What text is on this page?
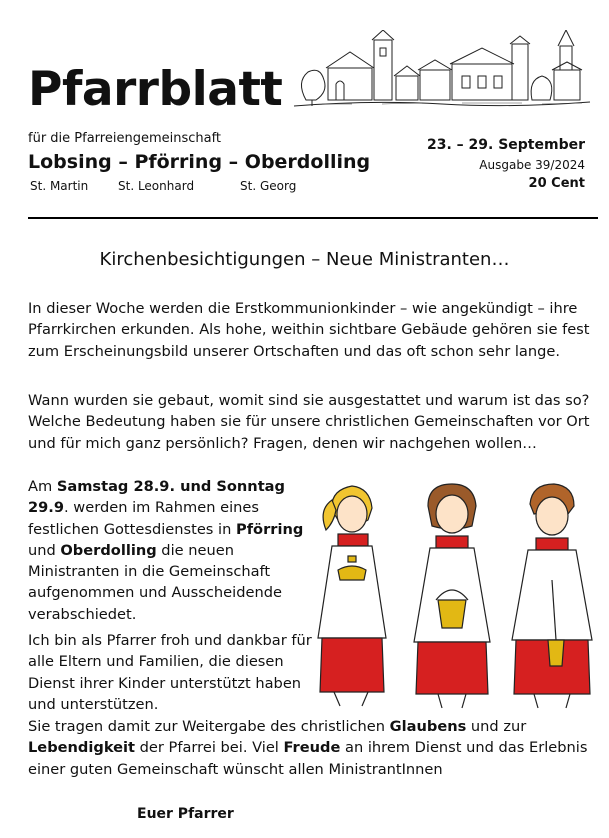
Pfarrblatt
für die Pfarreiengemeinschaft
Lobsing – Pförring – Oberdolling
St. Martin St. Leonhard	St. Georg
23. – 29. September
Ausgabe 39/2024
20 Cent
Kirchenbesichtigungen – Neue Ministranten…
In dieser Woche werden die Erstkommunionkinder – wie angekündigt – ihre Pfarrkirchen erkunden. Als hohe, weithin sichtbare Gebäude gehören sie fest zum Erscheinungsbild unserer Ortschaften und das oft schon sehr lange.
Wann wurden sie gebaut, womit sind sie ausgestattet und warum ist das so? Welche Bedeutung haben sie für unsere christlichen Gemeinschaften vor Ort und für mich ganz persönlich? Fragen, denen wir nachgehen wollen…
Am Samstag 28.9. und Sonntag 29.9. werden im Rahmen eines festlichen Gottesdienstes in Pförring und Oberdolling die neuen Ministranten in die Gemeinschaft aufgenommen und Ausscheidende verabschiedet.
Ich bin als Pfarrer froh und dankbar für alle Eltern und Familien, die diesen Dienst ihrer Kinder unterstützt haben und unterstützen.
Sie tragen damit zur Weitergabe des christlichen Glaubens und zur Lebendigkeit der Pfarrei bei. Viel Freude an ihrem Dienst und das Erlebnis einer guten Gemeinschaft wünscht allen MinistrantInnen
Euer Pfarrer
